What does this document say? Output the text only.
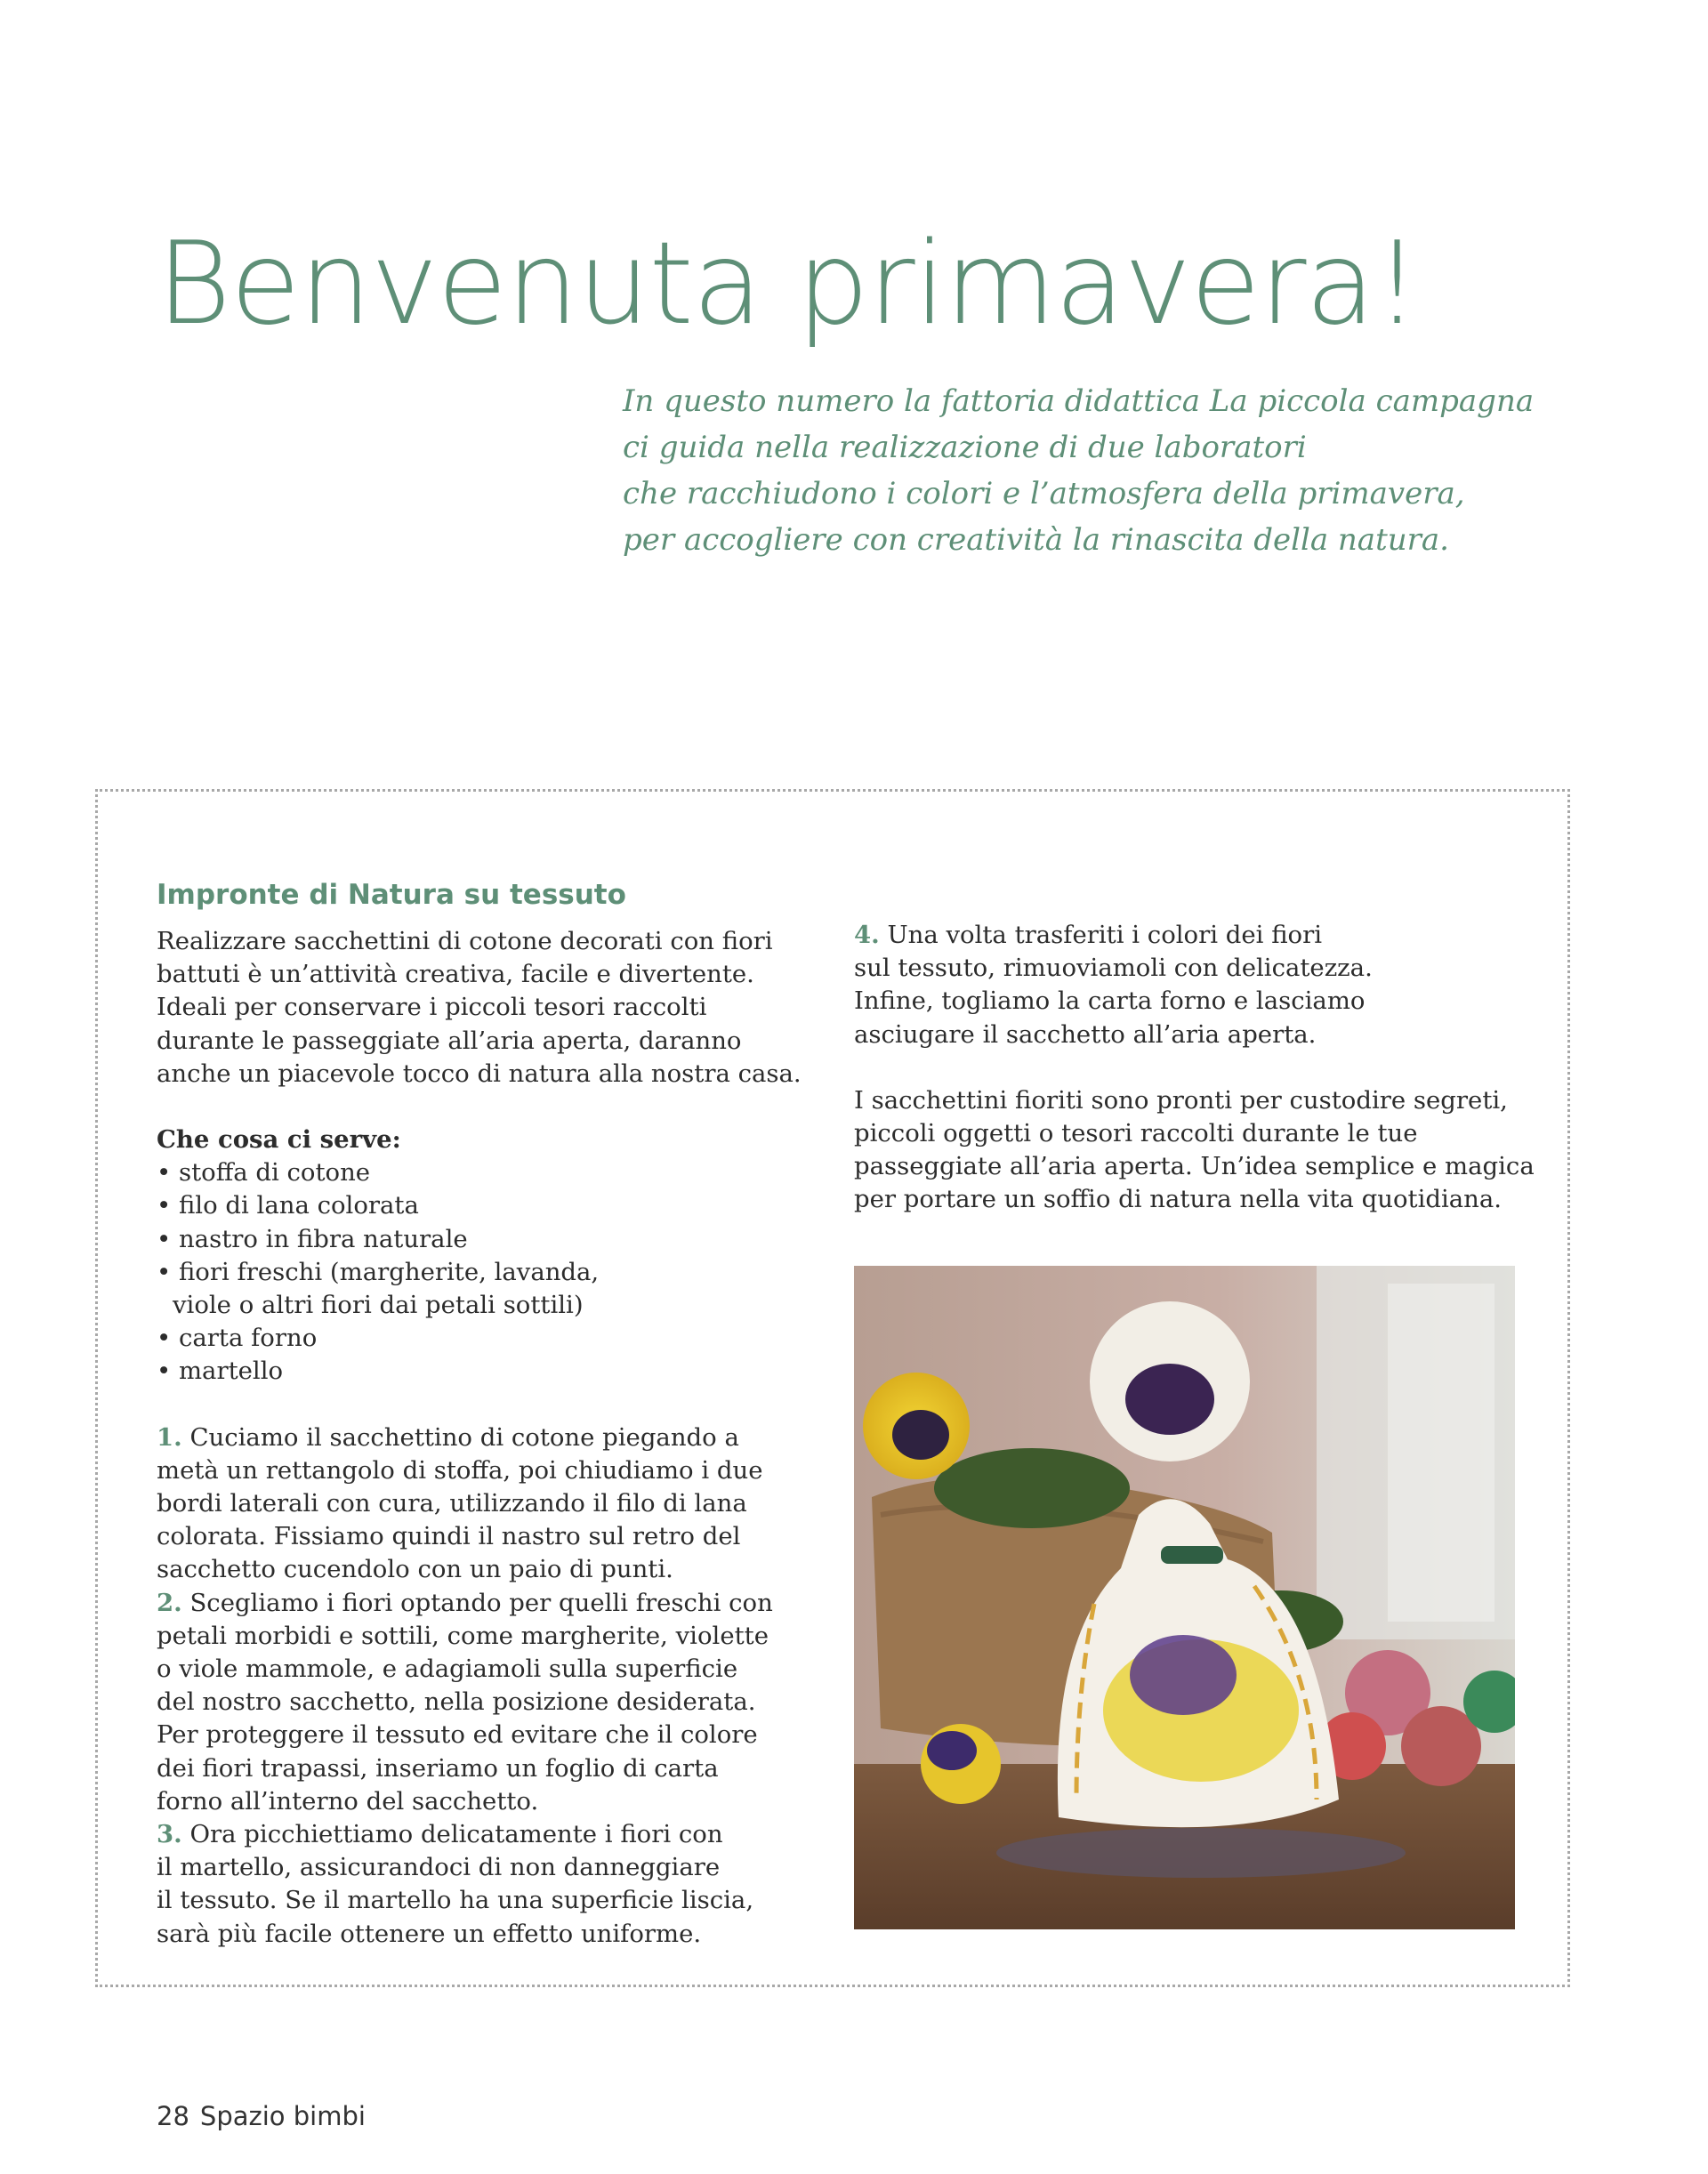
Benvenuta primavera!
In questo numero la fattoria didattica La piccola campagna
ci guida nella realizzazione di due laboratori
che racchiudono i colori e l’atmosfera della primavera,
per accogliere con creatività la rinascita della natura.
Impronte di Natura su tessuto

Realizzare sacchettini di cotone decorati con fiori
battuti è un’attività creativa, facile e divertente.
Ideali per conservare i piccoli tesori raccolti
durante le passeggiate all’aria aperta, daranno
anche un piacevole tocco di natura alla nostra casa.

Che cosa ci serve:
• stoffa di cotone
• filo di lana colorata
• nastro in fibra naturale
• fiori freschi (margherite, lavanda,
viole o altri fiori dai petali sottili)
• carta forno
• martello

1. Cuciamo il sacchettino di cotone piegando a
metà un rettangolo di stoffa, poi chiudiamo i due
bordi laterali con cura, utilizzando il filo di lana
colorata. Fissiamo quindi il nastro sul retro del
sacchetto cucendolo con un paio di punti.

2. Scegliamo i fiori optando per quelli freschi con
petali morbidi e sottili, come margherite, violette
o viole mammole, e adagiamoli sulla superficie
del nostro sacchetto, nella posizione desiderata.
Per proteggere il tessuto ed evitare che il colore
dei fiori trapassi, inseriamo un foglio di carta
forno all’interno del sacchetto.

3. Ora picchiettiamo delicatamente i fiori con
il martello, assicurandoci di non danneggiare
il tessuto. Se il martello ha una superficie liscia,
sarà più facile ottenere un effetto uniforme.

4. Una volta trasferiti i colori dei fiori
sul tessuto, rimuoviamoli con delicatezza.
Infine, togliamo la carta forno e lasciamo
asciugare il sacchetto all’aria aperta.

I sacchettini fioriti sono pronti per custodire segreti,
piccoli oggetti o tesori raccolti durante le tue
passeggiate all’aria aperta. Un’idea semplice e magica
per portare un soffio di natura nella vita quotidiana.

28 Spazio bimbi
